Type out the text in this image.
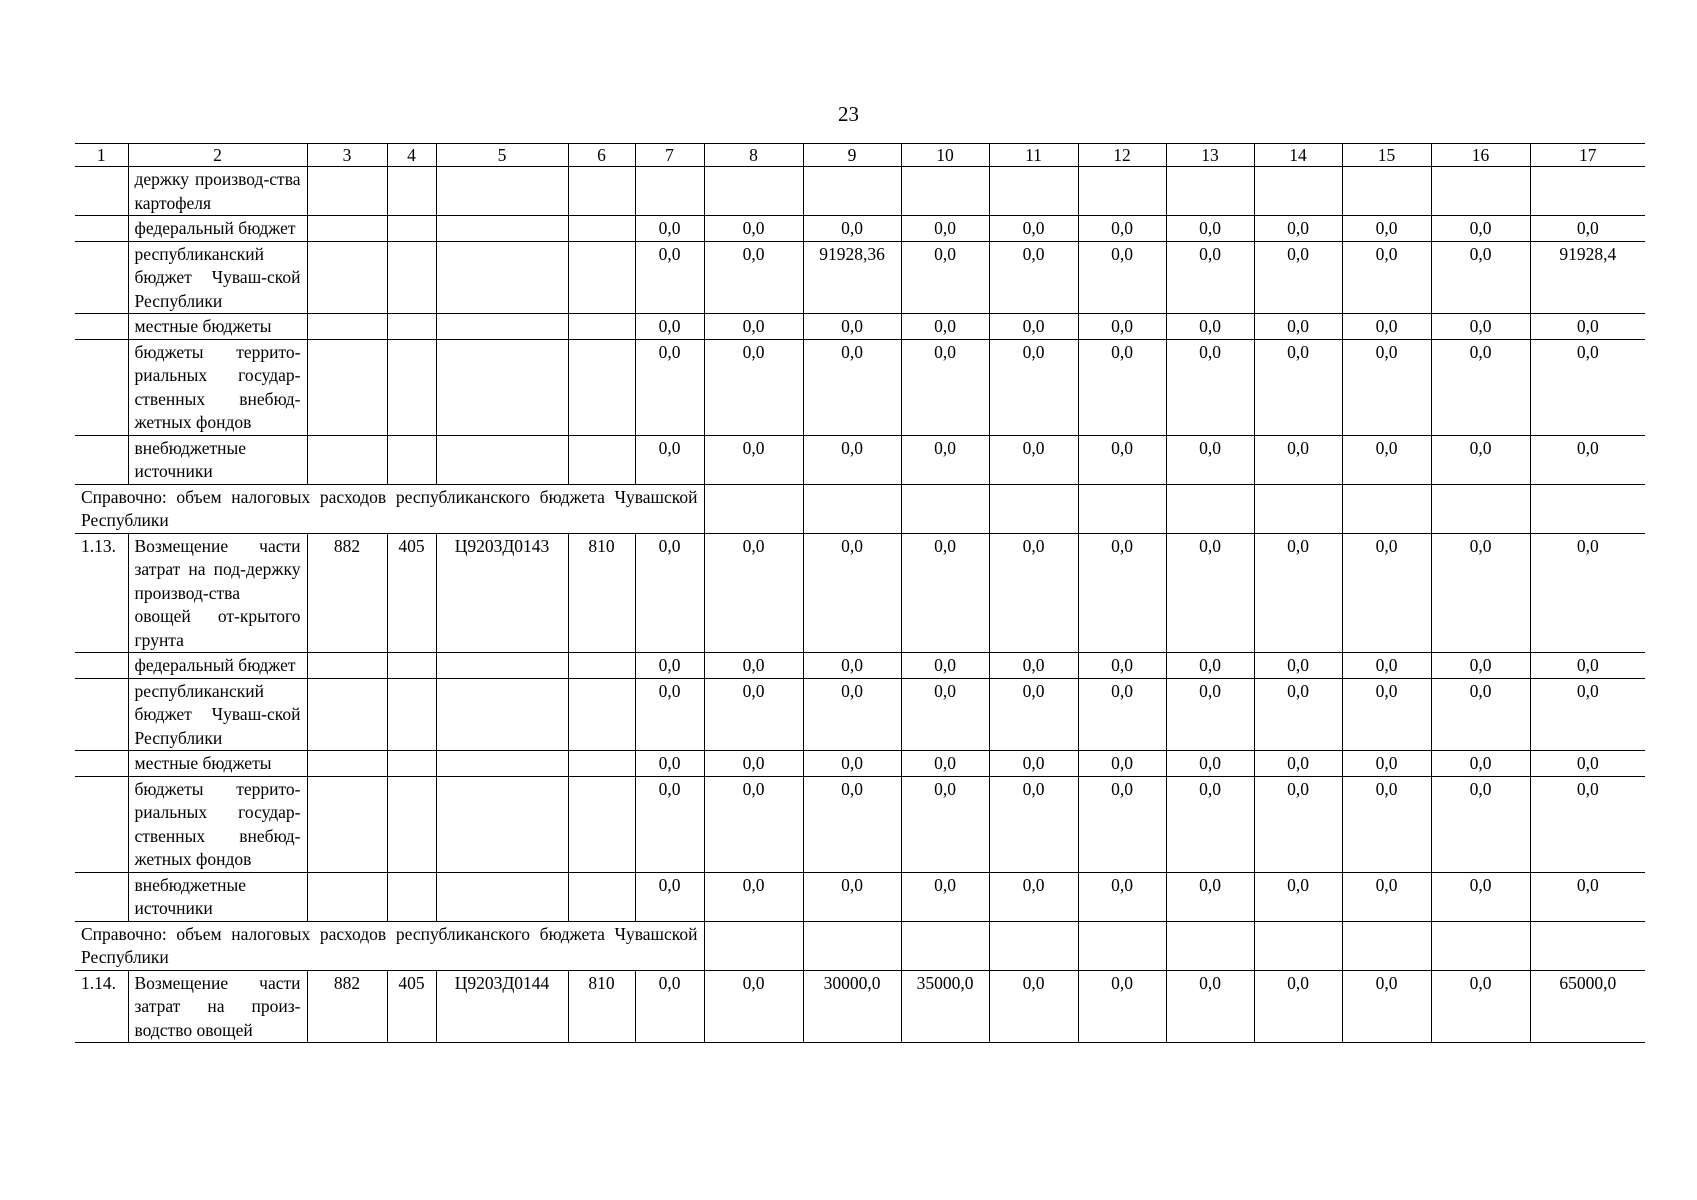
23
1	2	3	4	5	6	7	8	9	10	11	12	13	14	15	16	17
	держку производ-ства картофеля															
	федеральный бюджет					0,0	0,0	0,0	0,0	0,0	0,0	0,0	0,0	0,0	0,0	0,0
	республиканский бюджет Чуваш-ской Республики					0,0	0,0	91928,36	0,0	0,0	0,0	0,0	0,0	0,0	0,0	91928,4
	местные бюджеты					0,0	0,0	0,0	0,0	0,0	0,0	0,0	0,0	0,0	0,0	0,0
	бюджеты террито-риальных государ-ственных внебюд-жетных фондов					0,0	0,0	0,0	0,0	0,0	0,0	0,0	0,0	0,0	0,0	0,0
	внебюджетные источники					0,0	0,0	0,0	0,0	0,0	0,0	0,0	0,0	0,0	0,0	0,0
Справочно: объем налоговых расходов республиканского бюджета Чувашской Республики																
1.13.	Возмещение части затрат на под-держку производ-ства овощей от-крытого грунта	882	405	Ц9203Д0143	810	0,0	0,0	0,0	0,0	0,0	0,0	0,0	0,0	0,0	0,0	0,0
	федеральный бюджет					0,0	0,0	0,0	0,0	0,0	0,0	0,0	0,0	0,0	0,0	0,0
	республиканский бюджет Чуваш-ской Республики					0,0	0,0	0,0	0,0	0,0	0,0	0,0	0,0	0,0	0,0	0,0
	местные бюджеты					0,0	0,0	0,0	0,0	0,0	0,0	0,0	0,0	0,0	0,0	0,0
	бюджеты террито-риальных государ-ственных внебюд-жетных фондов					0,0	0,0	0,0	0,0	0,0	0,0	0,0	0,0	0,0	0,0	0,0
	внебюджетные источники					0,0	0,0	0,0	0,0	0,0	0,0	0,0	0,0	0,0	0,0	0,0
Справочно: объем налоговых расходов республиканского бюджета Чувашской Республики																
1.14.	Возмещение части затрат на произ-водство овощей	882	405	Ц9203Д0144	810	0,0	0,0	30000,0	35000,0	0,0	0,0	0,0	0,0	0,0	0,0	65000,0
